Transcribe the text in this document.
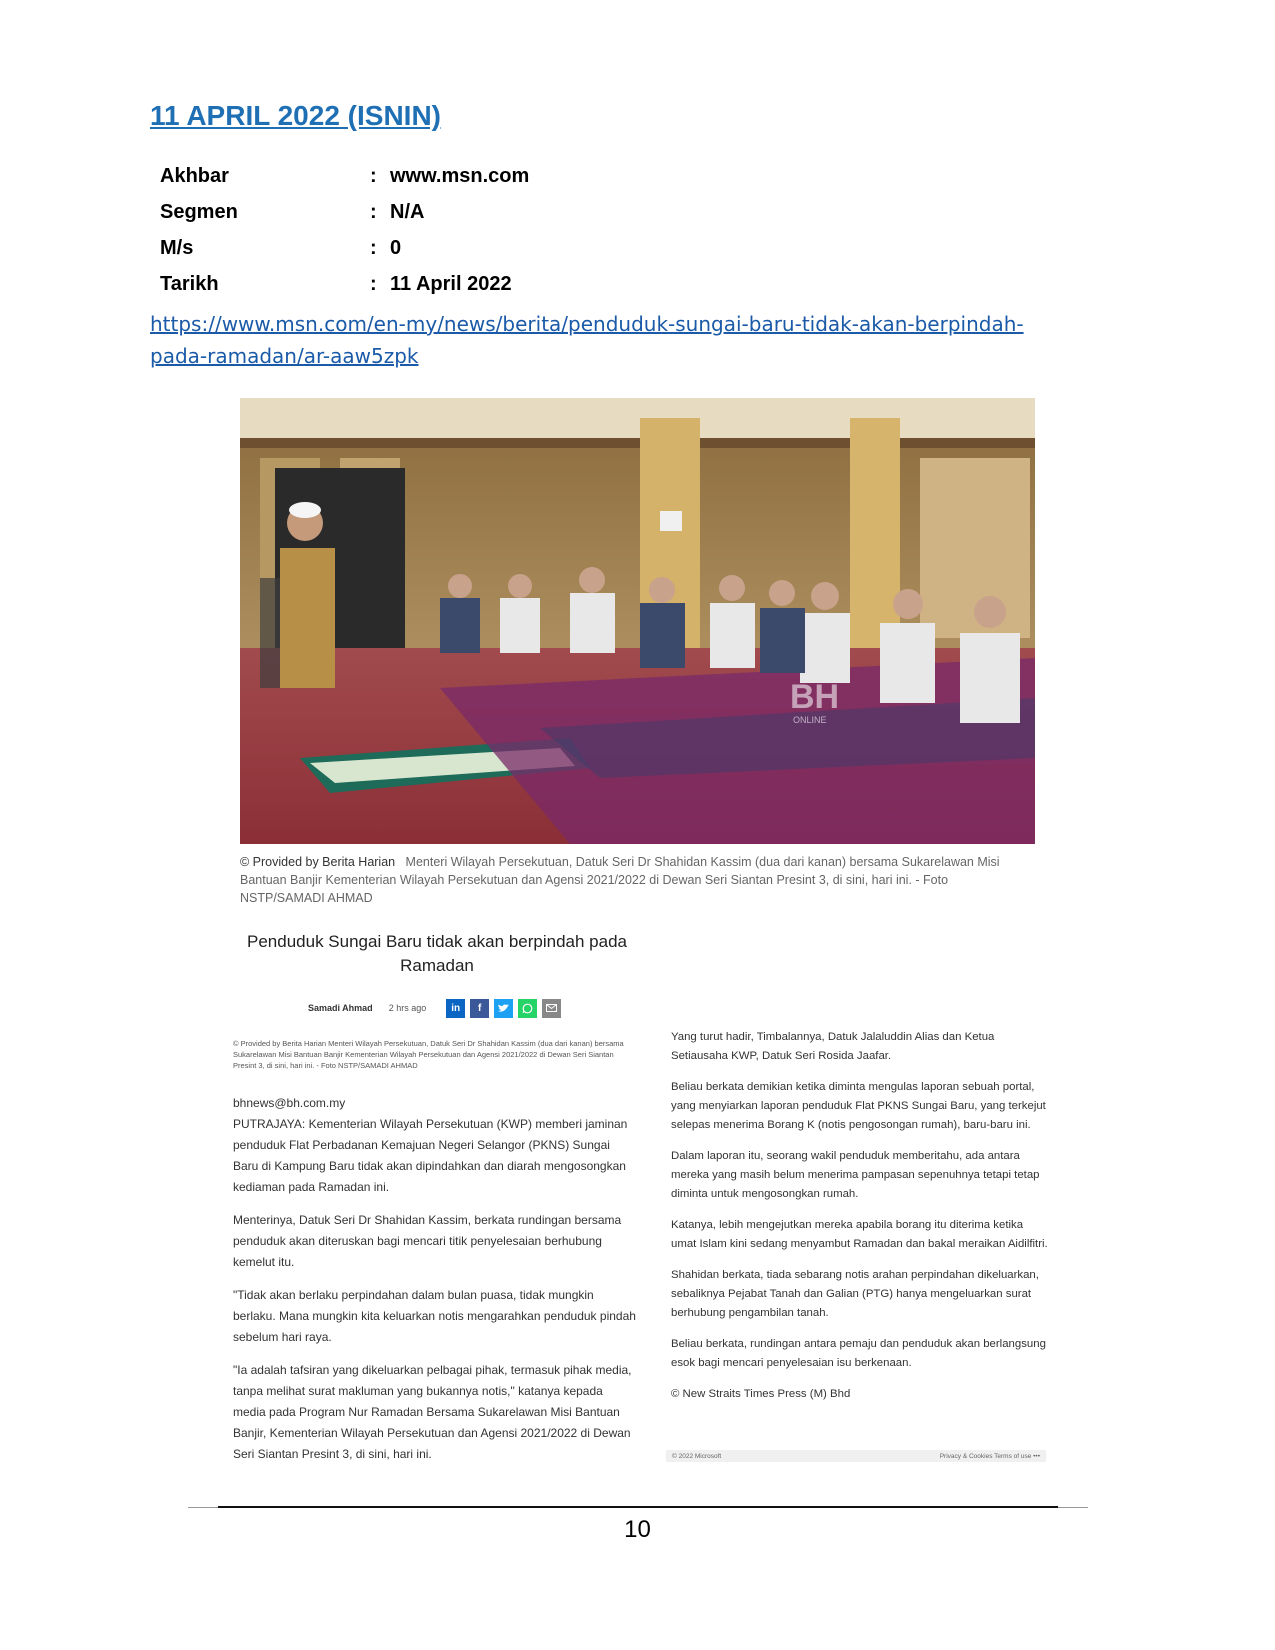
11 APRIL 2022 (ISNIN)
Akhbar	:	www.msn.com
Segmen	:	N/A
M/s	:	0
Tarikh	:	11 April 2022
https://www.msn.com/en-my/news/berita/penduduk-sungai-baru-tidak-akan-berpindah-pada-ramadan/ar-aaw5zpk
BH
ONLINE
© Provided by Berita Harian Menteri Wilayah Persekutuan, Datuk Seri Dr Shahidan Kassim (dua dari kanan) bersama Sukarelawan Misi Bantuan Banjir Kementerian Wilayah Persekutuan dan Agensi 2021/2022 di Dewan Seri Siantan Presint 3, di sini, hari ini. - Foto NSTP/SAMADI AHMAD
Penduduk Sungai Baru tidak akan berpindah pada Ramadan
Samadi Ahmad 2 hrs ago	in	f

© Provided by Berita Harian Menteri Wilayah Persekutuan, Datuk Seri Dr Shahidan Kassim (dua dari kanan) bersama Sukarelawan Misi Bantuan Banjir Kementerian Wilayah Persekutuan dan Agensi 2021/2022 di Dewan Seri Siantan Presint 3, di sini, hari ini. - Foto NSTP/SAMADI AHMAD

bhnews@bh.com.my

PUTRAJAYA: Kementerian Wilayah Persekutuan (KWP) memberi jaminan penduduk Flat Perbadanan Kemajuan Negeri Selangor (PKNS) Sungai Baru di Kampung Baru tidak akan dipindahkan dan diarah mengosongkan kediaman pada Ramadan ini.

Menterinya, Datuk Seri Dr Shahidan Kassim, berkata rundingan bersama penduduk akan diteruskan bagi mencari titik penyelesaian berhubung kemelut itu.

"Tidak akan berlaku perpindahan dalam bulan puasa, tidak mungkin berlaku. Mana mungkin kita keluarkan notis mengarahkan penduduk pindah sebelum hari raya.

"Ia adalah tafsiran yang dikeluarkan pelbagai pihak, termasuk pihak media, tanpa melihat surat makluman yang bukannya notis," katanya kepada media pada Program Nur Ramadan Bersama Sukarelawan Misi Bantuan Banjir, Kementerian Wilayah Persekutuan dan Agensi 2021/2022 di Dewan Seri Siantan Presint 3, di sini, hari ini.

Yang turut hadir, Timbalannya, Datuk Jalaluddin Alias dan Ketua Setiausaha KWP, Datuk Seri Rosida Jaafar.

Beliau berkata demikian ketika diminta mengulas laporan sebuah portal, yang menyiarkan laporan penduduk Flat PKNS Sungai Baru, yang terkejut selepas menerima Borang K (notis pengosongan rumah), baru-baru ini.

Dalam laporan itu, seorang wakil penduduk memberitahu, ada antara mereka yang masih belum menerima pampasan sepenuhnya tetapi tetap diminta untuk mengosongkan rumah.

Katanya, lebih mengejutkan mereka apabila borang itu diterima ketika umat Islam kini sedang menyambut Ramadan dan bakal meraikan Aidilfitri.

Shahidan berkata, tiada sebarang notis arahan perpindahan dikeluarkan, sebaliknya Pejabat Tanah dan Galian (PTG) hanya mengeluarkan surat berhubung pengambilan tanah.

Beliau berkata, rundingan antara pemaju dan penduduk akan berlangsung esok bagi mencari penyelesaian isu berkenaan.

© New Straits Times Press (M) Bhd

© 2022 Microsoft	Privacy & Cookies Terms of use •••
10
